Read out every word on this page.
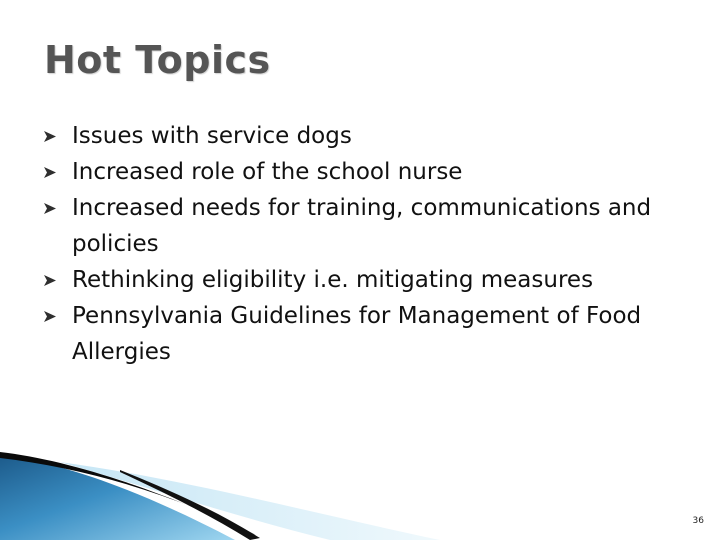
Hot Topics
Issues with service dogs
Increased role of the school nurse
Increased needs for training, communications and policies
Rethinking eligibility i.e. mitigating measures
Pennsylvania Guidelines for Management of Food Allergies
36
